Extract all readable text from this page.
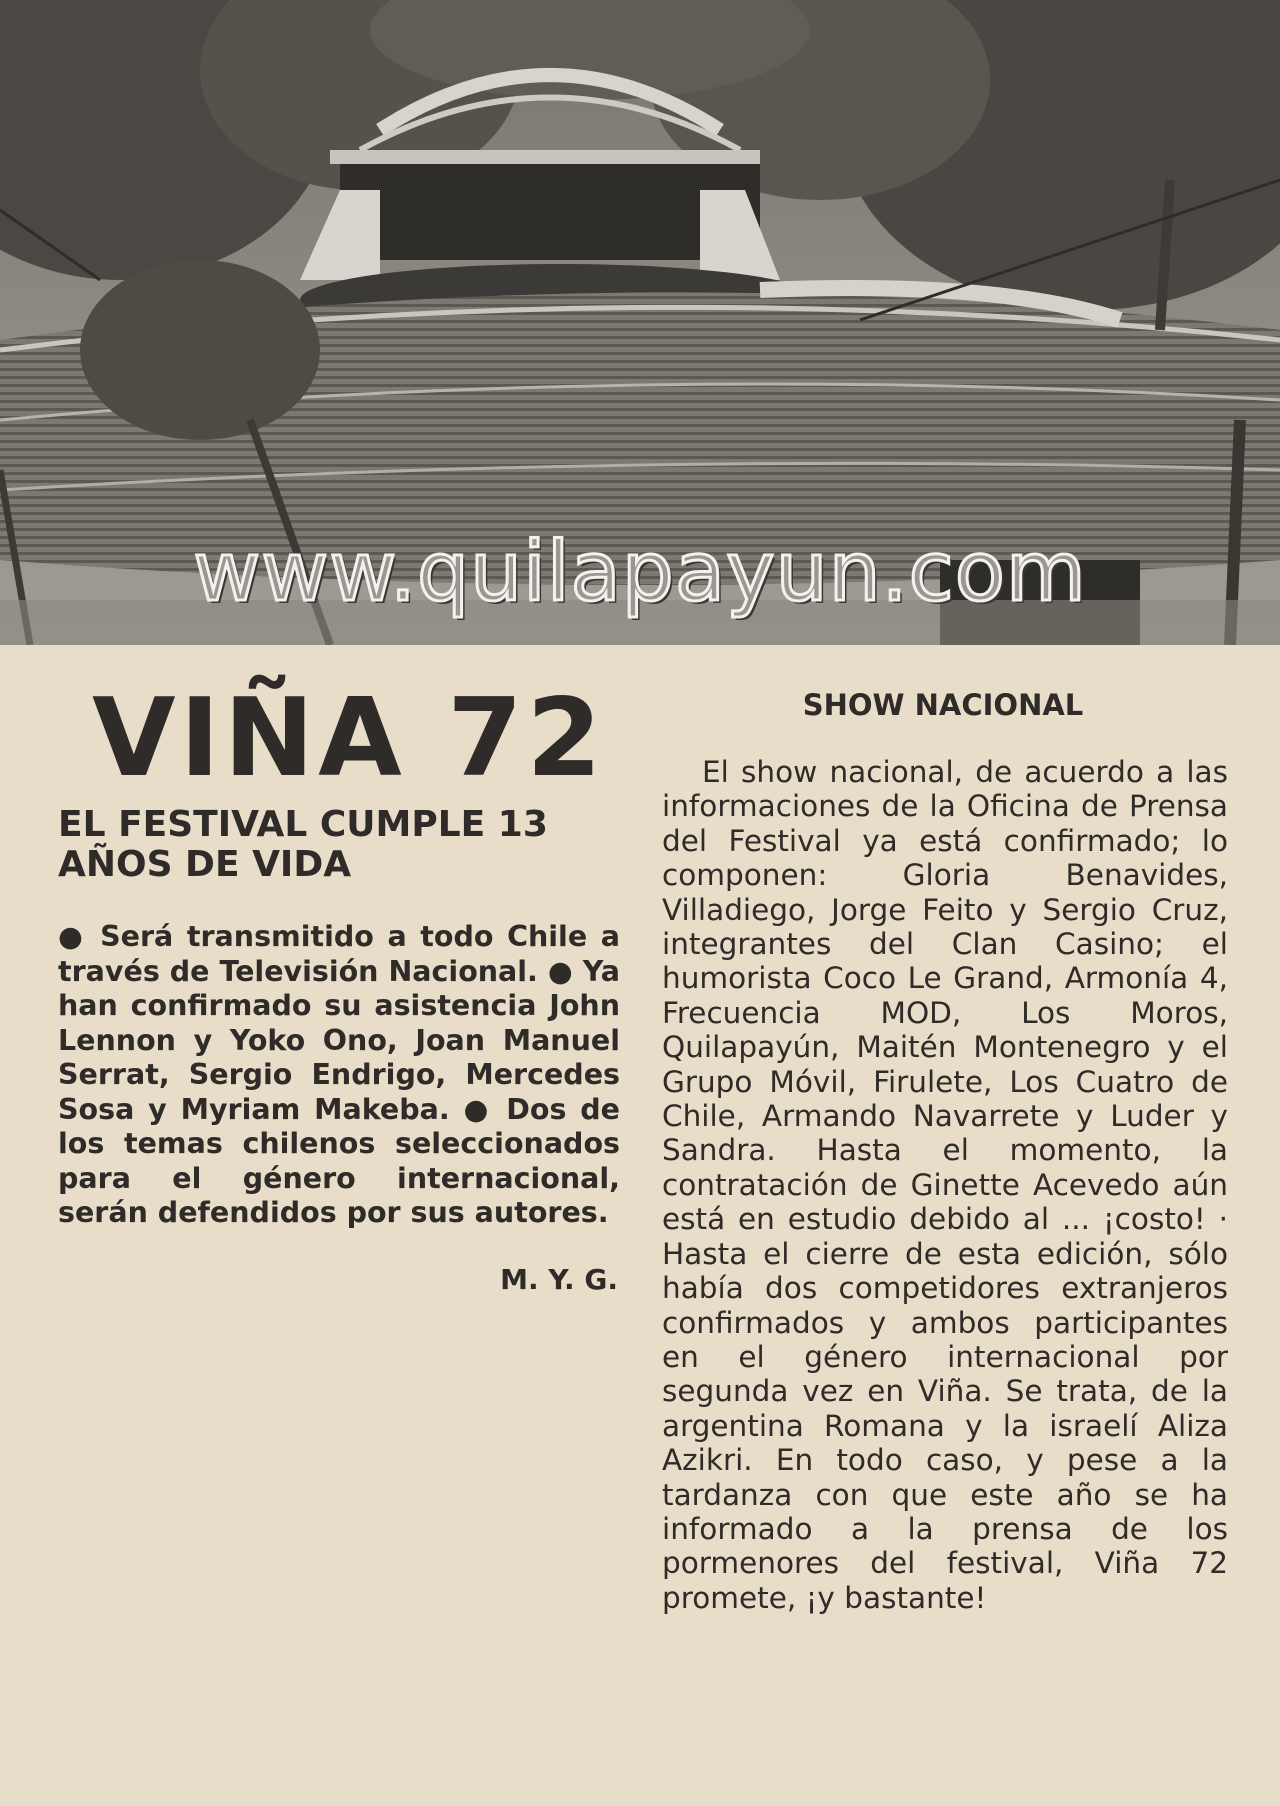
www.quilapayun.com
VIÑA 72
EL FESTIVAL CUMPLE 13 AÑOS DE VIDA
● Será transmitido a todo Chile a través de Televisión Nacional. ● Ya han confirmado su asistencia John Lennon y Yoko Ono, Joan Manuel Serrat, Sergio Endrigo, Mercedes Sosa y Myriam Makeba. ● Dos de los temas chilenos seleccionados para el género internacional, serán defendidos por sus autores.
M. Y. G.
SHOW NACIONAL
El show nacional, de acuerdo a las informaciones de la Oficina de Prensa del Festival ya está confirmado; lo componen: Gloria Benavides, Villadiego, Jorge Feito y Sergio Cruz, integrantes del Clan Casino; el humorista Coco Le Grand, Armonía 4, Frecuencia MOD, Los Moros, Quilapayún, Maitén Montenegro y el Grupo Móvil, Firulete, Los Cuatro de Chile, Armando Navarrete y Luder y Sandra. Hasta el momento, la contratación de Ginette Acevedo aún está en estudio debido al ... ¡costo! · Hasta el cierre de esta edición, sólo había dos competidores extranjeros confirmados y ambos participantes en el género internacional por segunda vez en Viña. Se trata, de la argentina Romana y la israelí Aliza Azikri. En todo caso, y pese a la tardanza con que este año se ha informado a la prensa de los pormenores del festival, Viña 72 promete, ¡y bastante!
